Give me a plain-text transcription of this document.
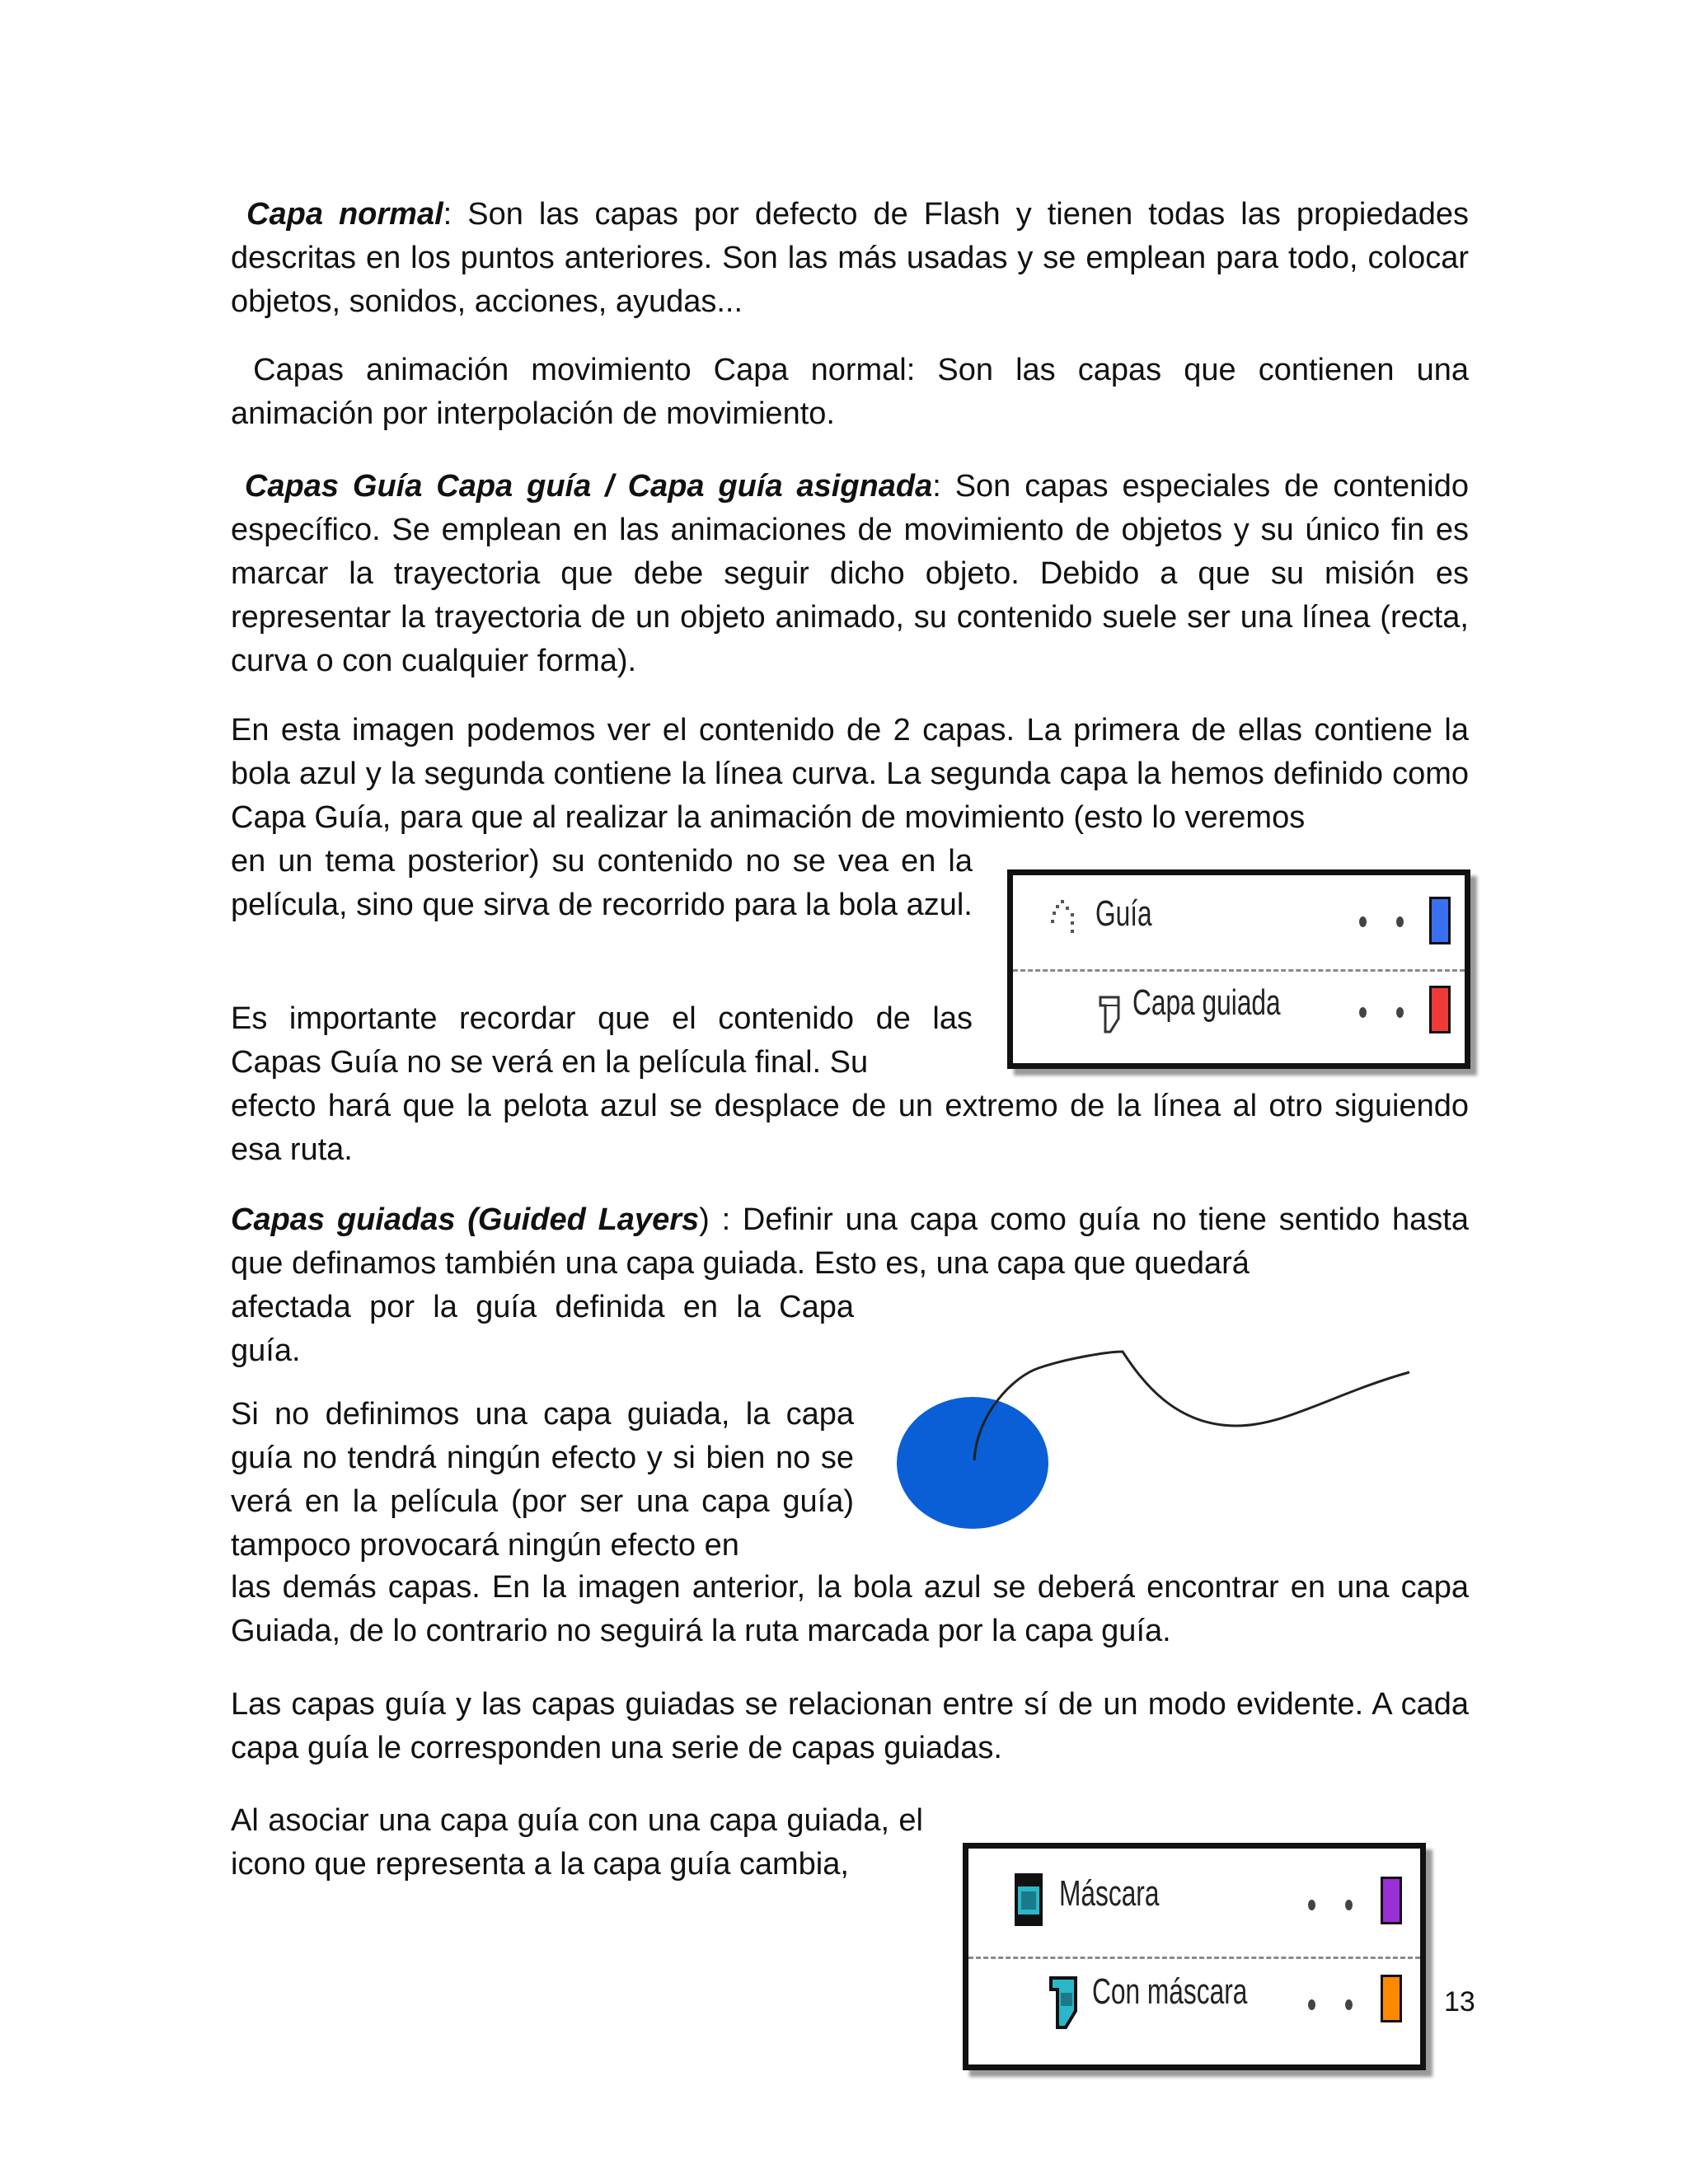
Capa normal: Son las capas por defecto de Flash y tienen todas las propiedades descritas en los puntos anteriores. Son las más usadas y se emplean para todo, colocar objetos, sonidos, acciones, ayudas...

Capas animación movimiento Capa normal: Son las capas que contienen una animación por interpolación de movimiento.

Capas Guía Capa guía / Capa guía asignada: Son capas especiales de contenido específico. Se emplean en las animaciones de movimiento de objetos y su único fin es marcar la trayectoria que debe seguir dicho objeto. Debido a que su misión es representar la trayectoria de un objeto animado, su contenido suele ser una línea (recta, curva o con cualquier forma).

En esta imagen podemos ver el contenido de 2 capas. La primera de ellas contiene la bola azul y la segunda contiene la línea curva. La segunda capa la hemos definido como Capa Guía, para que al realizar la animación de movimiento (esto lo veremos

en un tema posterior) su contenido no se vea en la película, sino que sirva de recorrido para la bola azul.

Es importante recordar que el contenido de las Capas Guía no se verá en la película final. Su

efecto hará que la pelota azul se desplace de un extremo de la línea al otro siguiendo esa ruta.

Guía
Capa guiada

Capas guiadas (Guided Layers) : Definir una capa como guía no tiene sentido hasta que definamos también una capa guiada. Esto es, una capa que quedará

afectada por la guía definida en la Capa guía.

Si no definimos una capa guiada, la capa guía no tendrá ningún efecto y si bien no se verá en la película (por ser una capa guía) tampoco provocará ningún efecto en

las demás capas. En la imagen anterior, la bola azul se deberá encontrar en una capa Guiada, de lo contrario no seguirá la ruta marcada por la capa guía.

Las capas guía y las capas guiadas se relacionan entre sí de un modo evidente. A cada capa guía le corresponden una serie de capas guiadas.

Al asociar una capa guía con una capa guiada, el icono que representa a la capa guía cambia,

Máscara
Con máscara	13
